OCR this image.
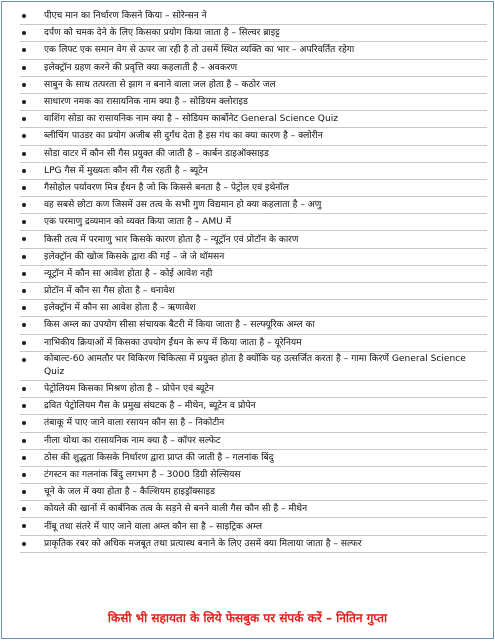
पीएच मान का निर्धारण किसने किया – सोरेन्सन ने
दर्पण को चमक देने के लिए किसका प्रयोग किया जाता है – सिल्वर ब्राइट्ट
एक लिफ्ट एक समान वेग से ऊपर जा रही है तो उसमें स्थित व्यक्ति का भार – अपरिवर्तित रहेगा
इलेक्ट्रॉन ग्रहण करने की प्रवृत्ति क्या कहलाती है – अवकरण
साबुन के साथ तत्परता से झाग न बनाने वाला जल होता है – कठोर जल
साधारण नमक का रासायनिक नाम क्या है – सोडियम क्लोराइड
वाशिंग सोडा का रासायनिक नाम क्या है – सोडियम कार्बोनेट General Science Quiz
ब्लीचिंग पाउडर का प्रयोग अजीब सी दुर्गंध देता है इस गंध का क्या कारण है – क्लोरीन
सोडा वाटर में कौन सी गैस प्रयुक्त की जाती है – कार्बन डाइऑक्साइड
LPG गैस में मुख्यतः कौन सी गैस रहती है – ब्यूटेन
गैसोहोल पर्यावरण मित्र ईंधन है जो कि किससे बनता है – पेट्रोल एवं इथेनॉल
वह सबसे छोटा कण जिसमें उस तत्व के सभी गुण विद्यमान हो क्या कहलाता है – अणु
एक परमाणु द्रव्यमान को व्यक्त किया जाता है – AMU में
किसी तत्व में परमाणु भार किसके कारण होता है – न्यूट्रॉन एवं प्रोटॉन के कारण
इलेक्ट्रॉन की खोज किसके द्वारा की गई – जे जे थॉमसन
न्यूट्रॉन में कौन सा आवेश होता है – कोई आवेश नही
प्रोटॉन में कौन सा गैस होता है – धनावेश
इलेक्ट्रॉन में कौन सा आवेश होता है – ऋणावेश
किस अम्ल का उपयोग सीसा संचायक बैटरी में किया जाता है – सल्फ्यूरिक अम्ल का
नाभिकीय क्रियाओं में किसका उपयोग ईंधन के रूप में किया जाता है – यूरेनियम
कोबाल्ट-60 आमतौर पर विकिरण चिकित्सा में प्रयुक्त होता है क्योंकि यह उत्सर्जित करता है – गामा किरणें General Science Quiz
पेट्रोलियम किसका मिश्रण होता है – प्रोपेन एवं ब्यूटेन
द्रवित पेट्रोलियम गैस के प्रमुख संघटक है – मीथेन, ब्यूटेन व प्रोपेन
तंबाकू में पाए जाने वाला रसायन कौन सा है – निकोटीन
नीला थोथा का रासायनिक नाम क्या है – कॉपर सल्फेट
ठोस की शुद्धता किसके निर्धारण द्वारा प्राप्त की जाती है – गलनांक बिंदु
टंगस्टन का गलनांक बिंदु लगभग है – 3000 डिग्री सेल्सियस
चूने के जल में क्या होता है – कैल्शियम हाइड्रॉक्साइड
कोयले की खानों में कार्बनिक तत्व के सड़ने से बनने वाली गैस कौन सी है – मीथेन
नींबू तथा संतरे में पाए जाने वाला अम्ल कौन सा है – साइट्रिक अम्ल
प्राकृतिक रबर को अधिक मजबूत तथा प्रत्यास्थ बनाने के लिए उसमें क्या मिलाया जाता है – सल्फर
किसी भी सहायता के लिये फेसबुक पर संपर्क करें – नितिन गुप्ता
